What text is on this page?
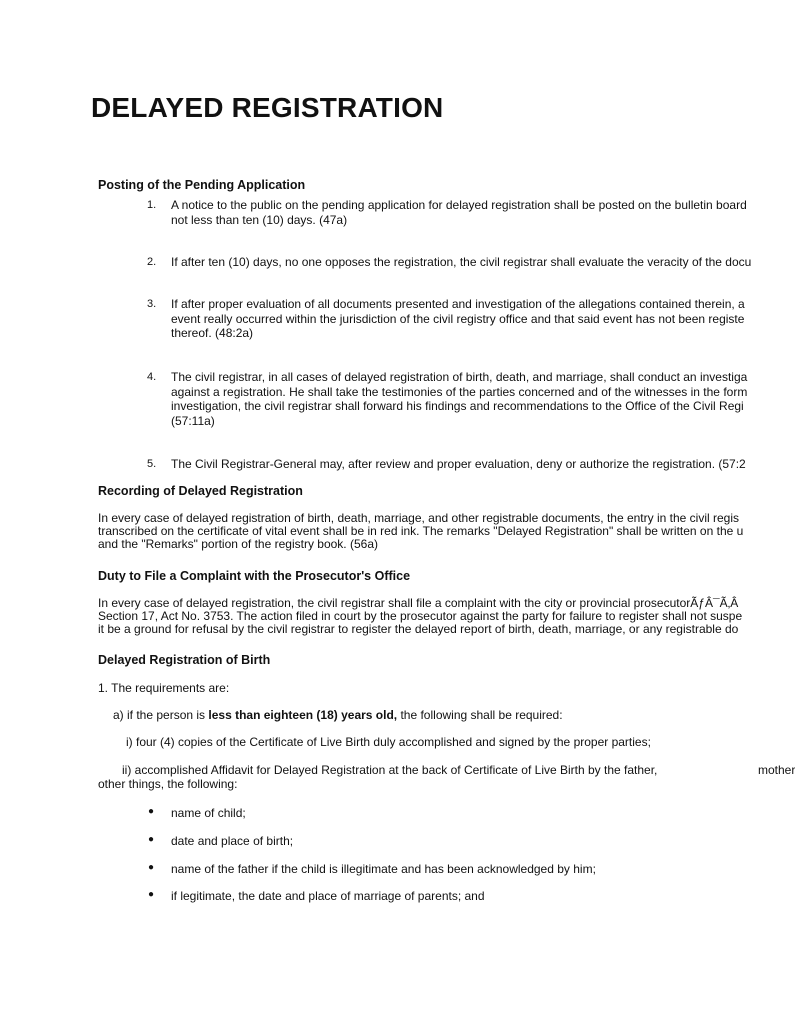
DELAYED REGISTRATION
Posting of the Pending Application
1.	A notice to the public on the pending application for delayed registration shall be posted on the bulletin board
not less than ten (10) days. (47a)
2.	If after ten (10) days, no one opposes the registration, the civil registrar shall evaluate the veracity of the docu
3.	If after proper evaluation of all documents presented and investigation of the allegations contained therein, a
event really occurred within the jurisdiction of the civil registry office and that said event has not been registe
thereof. (48:2a)
4.	The civil registrar, in all cases of delayed registration of birth, death, and marriage, shall conduct an investiga
against a registration. He shall take the testimonies of the parties concerned and of the witnesses in the form
investigation, the civil registrar shall forward his findings and recommendations to the Office of the Civil Regi
(57:11a)
5.	The Civil Registrar-General may, after review and proper evaluation, deny or authorize the registration. (57:2
Recording of Delayed Registration
In every case of delayed registration of birth, death, marriage, and other registrable documents, the entry in the civil regis
transcribed on the certificate of vital event shall be in red ink. The remarks "Delayed Registration" shall be written on the u
and the "Remarks" portion of the registry book. (56a)
Duty to File a Complaint with the Prosecutor's Office
In every case of delayed registration, the civil registrar shall file a complaint with the city or provincial prosecutorÃƒÂ¯Ã‚Â
Section 17, Act No. 3753. The action filed in court by the prosecutor against the party for failure to register shall not suspe
it be a ground for refusal by the civil registrar to register the delayed report of birth, death, marriage, or any registrable do
Delayed Registration of Birth
1. The requirements are:
a) if the person is less than eighteen (18) years old, the following shall be required:
i) four (4) copies of the Certificate of Live Birth duly accomplished and signed by the proper parties;
ii) accomplished Affidavit for Delayed Registration at the back of Certificate of Live Birth by the father,	mother
other things, the following:
● name of child;
● date and place of birth;
● name of the father if the child is illegitimate and has been acknowledged by him;
● if legitimate, the date and place of marriage of parents; and
